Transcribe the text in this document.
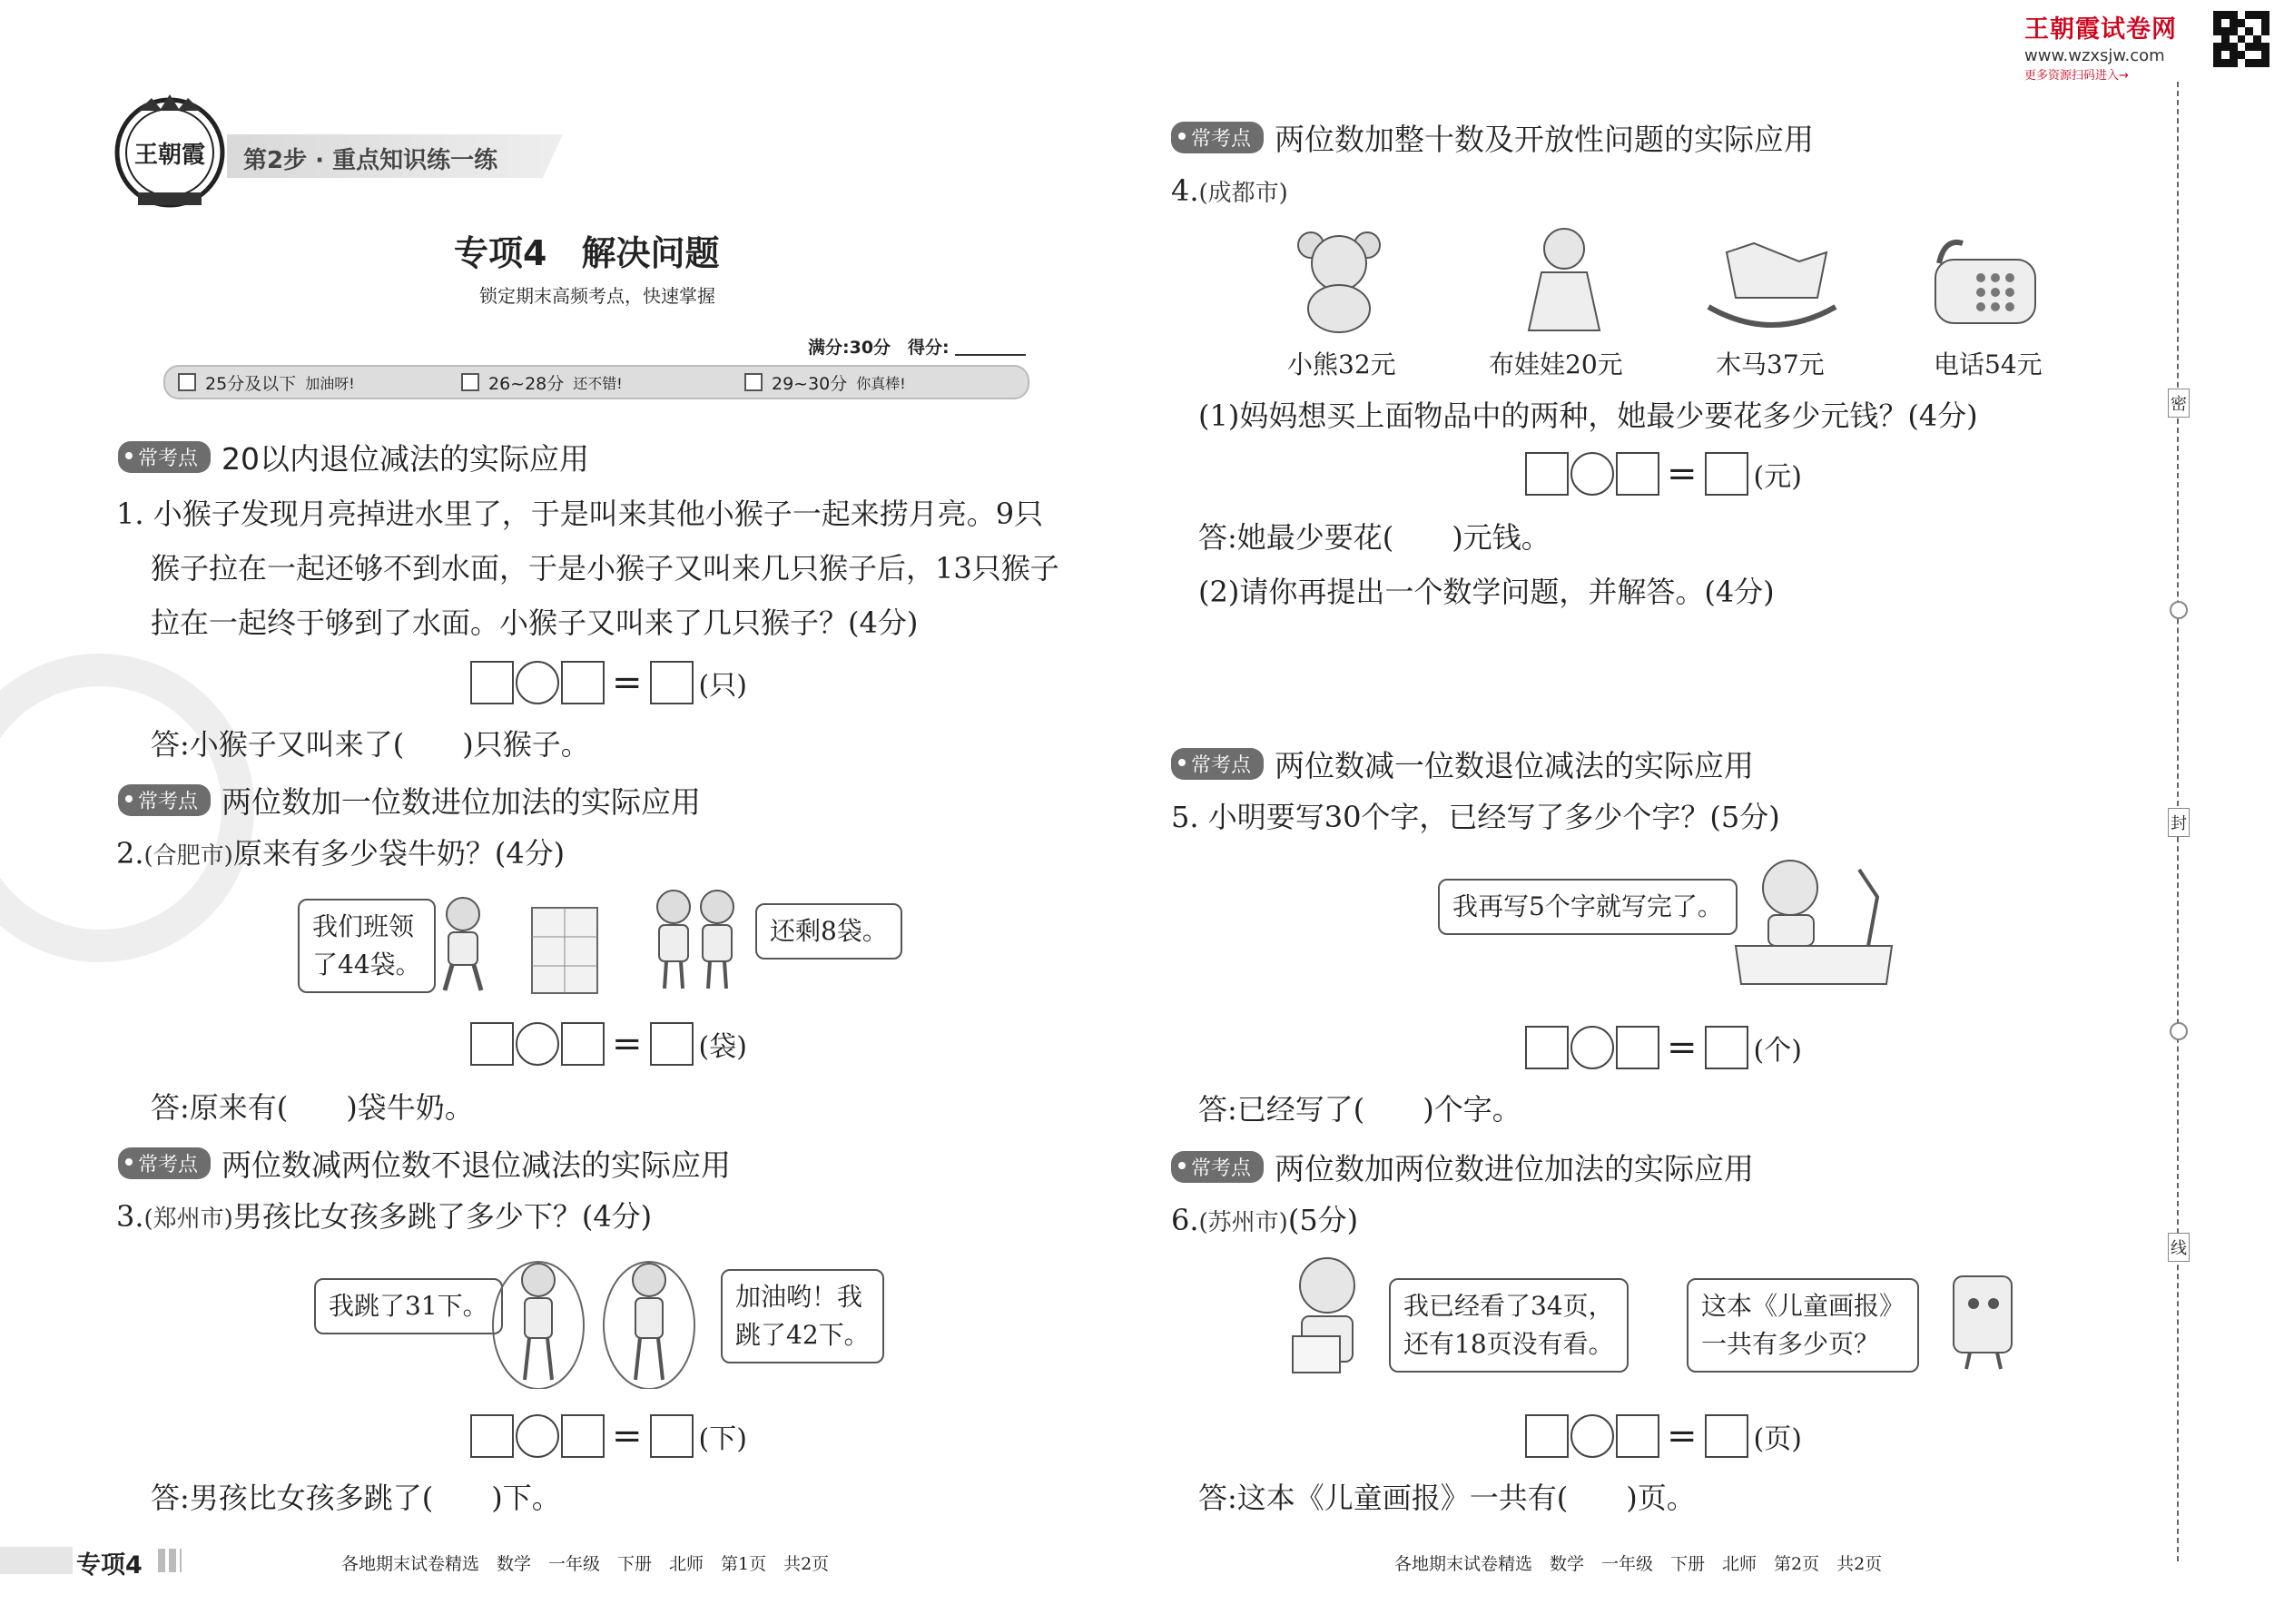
王朝霞试卷网
www.wzxsjw.com
更多资源扫码进入→
王朝霞 第2步 · 重点知识练一练
专项4　解决问题
锁定期末高频考点，快速掌握
满分:30分 得分:
25分及以下 加油呀!	26~28分 还不错!	29~30分 你真棒!
常考点 20以内退位减法的实际应用
1. 小猴子发现月亮掉进水里了，于是叫来其他小猴子一起来捞月亮。9只
猴子拉在一起还够不到水面，于是小猴子又叫来几只猴子后，13只猴子
拉在一起终于够到了水面。小猴子又叫来了几只猴子？(4分)
= (只)
答:小猴子又叫来了(　　)只猴子。
常考点 两位数加一位数进位加法的实际应用
2.(合肥市)原来有多少袋牛奶？(4分)
我们班领
了44袋。
还剩8袋。
= (袋)
答:原来有(　　)袋牛奶。
常考点 两位数减两位数不退位减法的实际应用
3.(郑州市)男孩比女孩多跳了多少下？(4分)
我跳了31下。	加油哟！我
跳了42下。
= (下)
答:男孩比女孩多跳了(　　)下。
专项4	各地期末试卷精选　数学　一年级　下册　北师　第1页　共2页
常考点 两位数加整十数及开放性问题的实际应用
4.(成都市)
小熊32元	布娃娃20元	木马37元	电话54元
(1)妈妈想买上面物品中的两种，她最少要花多少元钱？(4分)
= (元)
答:她最少要花(　　)元钱。
(2)请你再提出一个数学问题，并解答。(4分)
常考点 两位数减一位数退位减法的实际应用
5. 小明要写30个字，已经写了多少个字？(5分)
我再写5个字就写完了。
= (个)
答:已经写了(　　)个字。
常考点 两位数加两位数进位加法的实际应用
6.(苏州市)(5分)
我已经看了34页，
还有18页没有看。
这本《儿童画报》
一共有多少页？
= (页)
答:这本《儿童画报》一共有(　　)页。
各地期末试卷精选　数学　一年级　下册　北师　第2页　共2页
密
封
线
